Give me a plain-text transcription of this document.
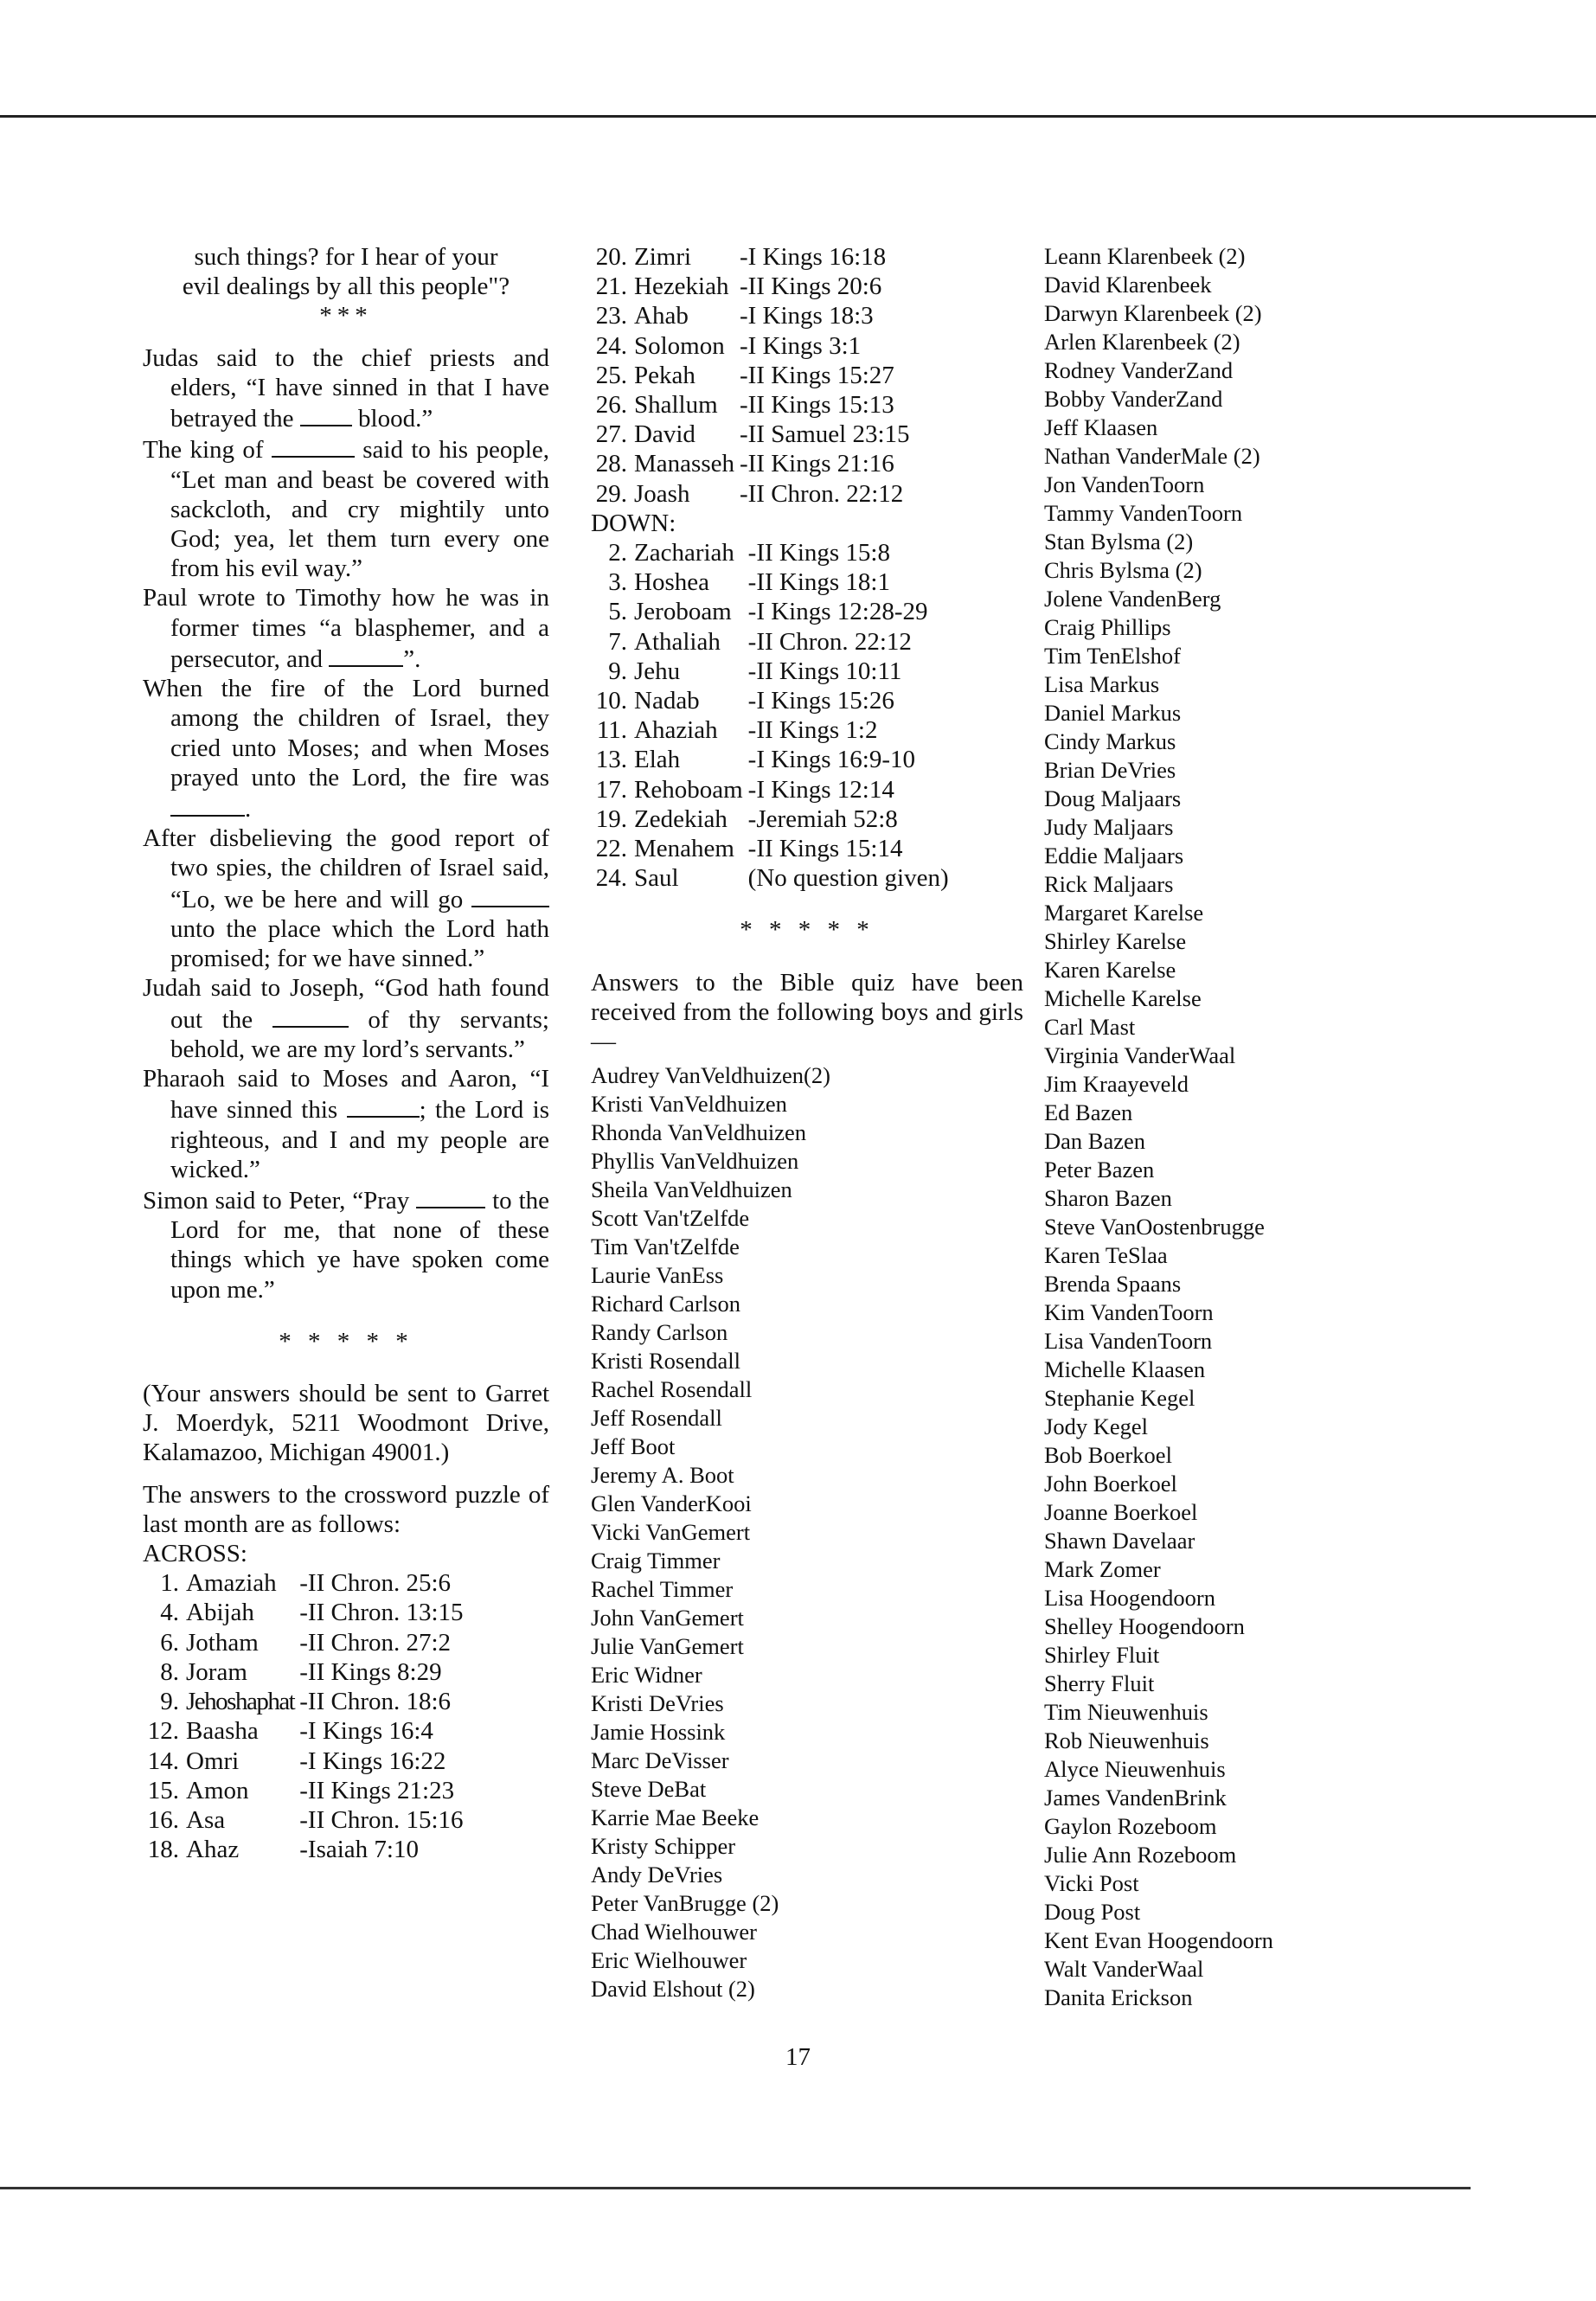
such things? for I hear of your
evil dealings by all this people"?
***

Judas said to the chief priests and elders, “I have sinned in that I have betrayed the	blood.”

The king of	said to his people, “Let man and beast be covered with sackcloth, and cry mightily unto God; yea, let them turn every one from his evil way.”

Paul wrote to Timothy how he was in former times “a blasphemer, and a persecutor, and	”.

When the fire of the Lord burned among the children of Israel, they cried unto Moses; and when Moses prayed unto the Lord, the fire was .

After disbelieving the good report of two spies, the children of Israel said, “Lo, we be here and will go  unto the place which the Lord hath promised; for we have sinned.”

Judah said to Joseph, “God hath found out the	of thy servants; behold, we are my lord’s servants.”

Pharaoh said to Moses and Aaron, “I have sinned this	; the Lord is righteous, and I and my people are wicked.”

Simon said to Peter, “Pray	to the Lord for me, that none of these things which ye have spoken come upon me.”

* * * * *

(Your answers should be sent to Garret J. Moerdyk, 5211 Woodmont Drive, Kalamazoo, Michigan 49001.)

The answers to the crossword puzzle of last month are as follows:

ACROSS:

1.	Amaziah	-II Chron. 25:6
4.	Abijah	-II Chron. 13:15
6.	Jotham	-II Chron. 27:2
8.	Joram	-II Kings 8:29
9.	Jehoshaphat	-II Chron. 18:6
12.	Baasha	-I Kings 16:4
14.	Omri	-I Kings 16:22
15.	Amon	-II Kings 21:23
16.	Asa	-II Chron. 15:16
18.	Ahaz	-Isaiah 7:10
20.	Zimri	-I Kings 16:18
21.	Hezekiah	-II Kings 20:6
23.	Ahab	-I Kings 18:3
24.	Solomon	-I Kings 3:1
25.	Pekah	-II Kings 15:27
26.	Shallum	-II Kings 15:13
27.	David	-II Samuel 23:15
28.	Manasseh	-II Kings 21:16
29.	Joash	-II Chron. 22:12

DOWN:

2.	Zachariah	-II Kings 15:8
3.	Hoshea	-II Kings 18:1
5.	Jeroboam	-I Kings 12:28-29
7.	Athaliah	-II Chron. 22:12
9.	Jehu	-II Kings 10:11
10.	Nadab	-I Kings 15:26
11.	Ahaziah	-II Kings 1:2
13.	Elah	-I Kings 16:9-10
17.	Rehoboam	-I Kings 12:14
19.	Zedekiah	-Jeremiah 52:8
22.	Menahem	-II Kings 15:14
24.	Saul	(No question given)
* * * * *

Answers to the Bible quiz have been received from the following boys and girls—

Audrey VanVeldhuizen(2)
Kristi VanVeldhuizen
Rhonda VanVeldhuizen
Phyllis VanVeldhuizen
Sheila VanVeldhuizen
Scott Van'tZelfde
Tim Van'tZelfde
Laurie VanEss
Richard Carlson
Randy Carlson
Kristi Rosendall
Rachel Rosendall
Jeff Rosendall
Jeff Boot
Jeremy A. Boot
Glen VanderKooi
Vicki VanGemert
Craig Timmer
Rachel Timmer
John VanGemert
Julie VanGemert
Eric Widner
Kristi DeVries
Jamie Hossink
Marc DeVisser
Steve DeBat
Karrie Mae Beeke
Kristy Schipper
Andy DeVries
Peter VanBrugge (2)
Chad Wielhouwer
Eric Wielhouwer
David Elshout (2)
Leann Klarenbeek (2)
David Klarenbeek
Darwyn Klarenbeek (2)
Arlen Klarenbeek (2)
Rodney VanderZand
Bobby VanderZand
Jeff Klaasen
Nathan VanderMale (2)
Jon VandenToorn
Tammy VandenToorn
Stan Bylsma (2)
Chris Bylsma (2)
Jolene VandenBerg
Craig Phillips
Tim TenElshof
Lisa Markus
Daniel Markus
Cindy Markus
Brian DeVries
Doug Maljaars
Judy Maljaars
Eddie Maljaars
Rick Maljaars
Margaret Karelse
Shirley Karelse
Karen Karelse
Michelle Karelse
Carl Mast
Virginia VanderWaal
Jim Kraayeveld
Ed Bazen
Dan Bazen
Peter Bazen
Sharon Bazen
Steve VanOostenbrugge
Karen TeSlaa
Brenda Spaans
Kim VandenToorn
Lisa VandenToorn
Michelle Klaasen
Stephanie Kegel
Jody Kegel
Bob Boerkoel
John Boerkoel
Joanne Boerkoel
Shawn Davelaar
Mark Zomer
Lisa Hoogendoorn
Shelley Hoogendoorn
Shirley Fluit
Sherry Fluit
Tim Nieuwenhuis
Rob Nieuwenhuis
Alyce Nieuwenhuis
James VandenBrink
Gaylon Rozeboom
Julie Ann Rozeboom
Vicki Post
Doug Post
Kent Evan Hoogendoorn
Walt VanderWaal
Danita Erickson
17
